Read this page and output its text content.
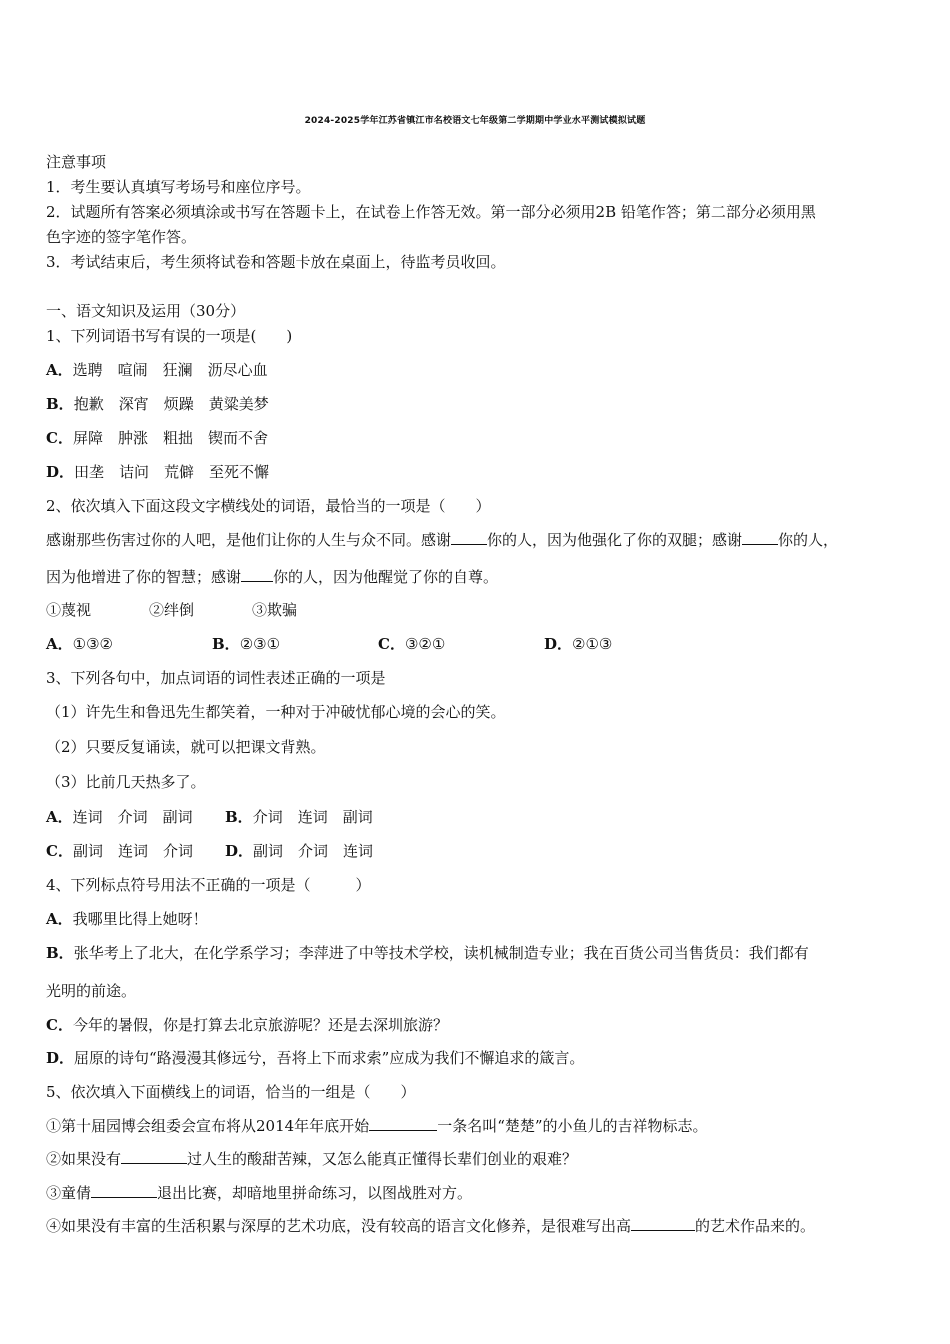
2024-2025学年江苏省镇江市名校语文七年级第二学期期中学业水平测试模拟试题
注意事项
1．考生要认真填写考场号和座位序号。
2．试题所有答案必须填涂或书写在答题卡上，在试卷上作答无效。第一部分必须用2B 铅笔作答；第二部分必须用黑
色字迹的签字笔作答。
3．考试结束后，考生须将试卷和答题卡放在桌面上，待监考员收回。
一、语文知识及运用（30分）
1、下列词语书写有误的一项是(　　)
A．选聘　喧闹　狂澜　沥尽心血
B．抱歉　深宵　烦躁　黄粱美梦
C．屏障　肿涨　粗拙　锲而不舍
D．田垄　诘问　荒僻　至死不懈
2、依次填入下面这段文字横线处的词语，最恰当的一项是（　　）
感谢那些伤害过你的人吧，是他们让你的人生与众不同。感谢 你的人，因为他强化了你的双腿；感谢 你的人，
因为他增进了你的智慧；感谢 你的人，因为他醒觉了你的自尊。
①蔑视	②绊倒	③欺骗
A．①③②	B．②③①	C．③②①	D．②①③
3、下列各句中，加点词语的词性表述正确的一项是
（1）许先生和鲁迅先生都笑着，一种对于冲破忧郁心境的会心的笑。
（2）只要反复诵读，就可以把课文背熟。
（3）比前几天热多了。
A．连词　介词　副词 B．介词　连词　副词
C．副词　连词　介词 D．副词　介词　连词
4、下列标点符号用法不正确的一项是（　　　）
A．我哪里比得上她呀！
B．张华考上了北大，在化学系学习；李萍进了中等技术学校，读机械制造专业；我在百货公司当售货员：我们都有
光明的前途。
C．今年的暑假，你是打算去北京旅游呢？还是去深圳旅游？
D．屈原的诗句“路漫漫其修远兮，吾将上下而求索”应成为我们不懈追求的箴言。
5、依次填入下面横线上的词语，恰当的一组是（　　）
①第十届园博会组委会宣布将从2014年年底开始	一条名叫“楚楚”的小鱼儿的吉祥物标志。
②如果没有	过人生的酸甜苦辣，又怎么能真正懂得长辈们创业的艰难？
③童倩	退出比赛，却暗地里拼命练习，以图战胜对方。
④如果没有丰富的生活积累与深厚的艺术功底，没有较高的语言文化修养，是很难写出高	的艺术作品来的。
